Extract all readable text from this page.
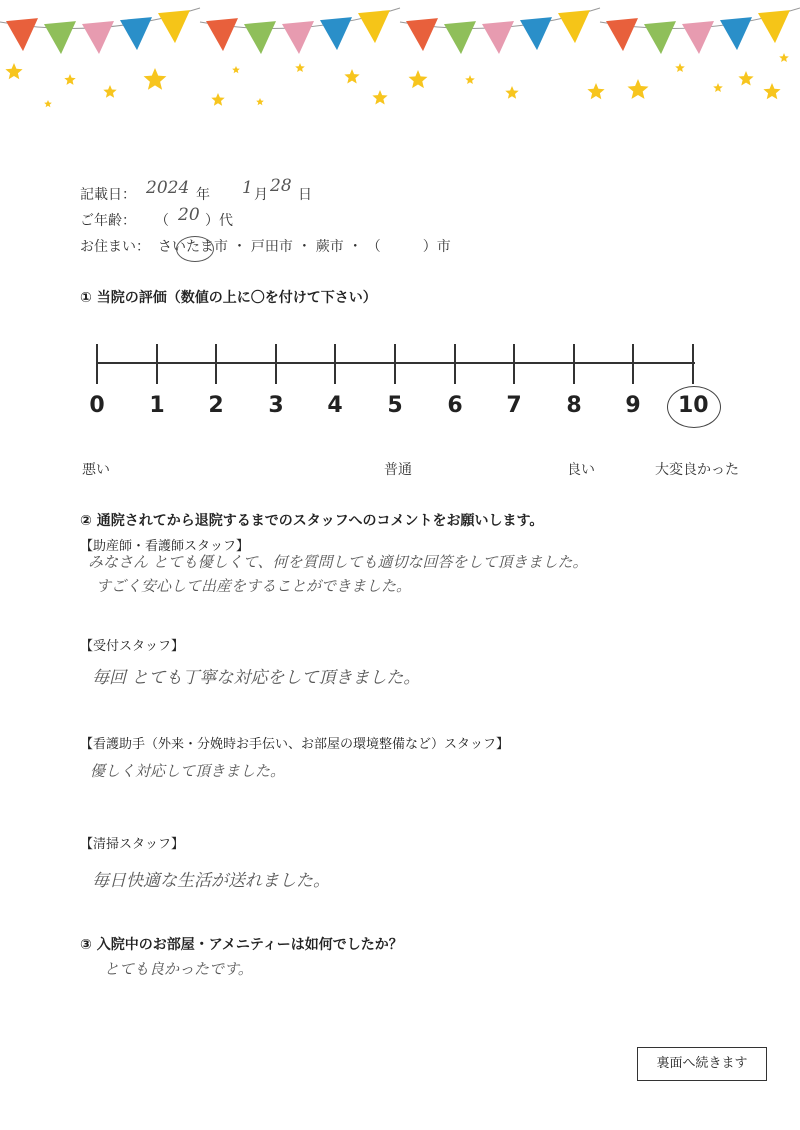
記載日： 2024 年 1 月 28 日
ご年齢： （ 20 ）代
お住まい： さいたま市 ・ 戸田市 ・ 蕨市 ・ （　　　）市
① 当院の評価（数値の上に〇を付けて下さい）
0	1	2	3	4	5	6	7	8	9	10
悪い	普通	良い	大変良かった
② 通院されてから退院するまでのスタッフへのコメントをお願いします。
【助産師・看護師スタッフ】
みなさん とても優しくて、何を質問しても適切な回答をして頂きました。
すごく安心して出産をすることができました。
【受付スタッフ】
毎回 とても丁寧な対応をして頂きました。
【看護助手（外来・分娩時お手伝い、お部屋の環境整備など）スタッフ】
優しく対応して頂きました。
【清掃スタッフ】
毎日快適な生活が送れました。
③ 入院中のお部屋・アメニティーは如何でしたか？
とても良かったです。
裏面へ続きます
